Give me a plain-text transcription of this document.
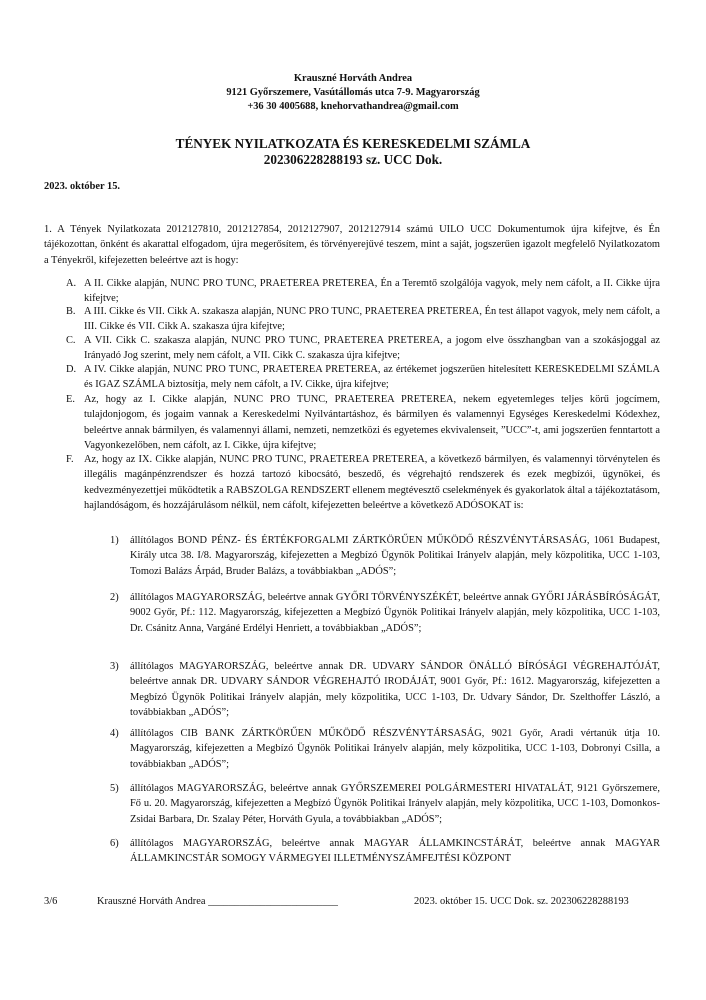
Krauszné Horváth Andrea
9121 Győrszemere, Vasútállomás utca 7-9. Magyarország
+36 30 4005688, knehorvathandrea@gmail.com
TÉNYEK NYILATKOZATA ÉS KERESKEDELMI SZÁMLA
202306228288193 sz. UCC Dok.
2023. október 15.

1. A Tények Nyilatkozata 2012127810, 2012127854, 2012127907, 2012127914 számú UILO UCC Dokumentumok újra kifejtve, és Én tájékozottan, önként és akarattal elfogadom, újra megerősítem, és törvényerejűvé teszem, mint a saját, jogszerűen igazolt megfelelő Nyilatkozatom a Tényekről, kifejezetten beleértve azt is hogy:

A. A II. Cikke alapján, NUNC PRO TUNC, PRAETEREA PRETEREA, Én a Teremtő szolgálója vagyok, mely nem cáfolt, a II. Cikke újra kifejtve;

B. A III. Cikke és VII. Cikk A. szakasza alapján, NUNC PRO TUNC, PRAETEREA PRETEREA, Én test állapot vagyok, mely nem cáfolt, a III. Cikke és VII. Cikk A. szakasza újra kifejtve;

C. A VII. Cikk C. szakasza alapján, NUNC PRO TUNC, PRAETEREA PRETEREA, a jogom elve összhangban van a szokásjoggal az Irányadó Jog szerint, mely nem cáfolt, a VII. Cikk C. szakasza újra kifejtve;

D. A IV. Cikke alapján, NUNC PRO TUNC, PRAETEREA PRETEREA, az értékemet jogszerűen hitelesített KERESKEDELMI SZÁMLA és IGAZ SZÁMLA biztosítja, mely nem cáfolt, a IV. Cikke, újra kifejtve;

E. Az, hogy az I. Cikke alapján, NUNC PRO TUNC, PRAETEREA PRETEREA, nekem egyetemleges teljes körű jogcímem, tulajdonjogom, és jogaim vannak a Kereskedelmi Nyilvántartáshoz, és bármilyen és valamennyi Egységes Kereskedelmi Kódexhez, beleértve annak bármilyen, és valamennyi állami, nemzeti, nemzetközi és egyetemes ekvivalenseit, ”UCC”-t, ami jogszerűen fenntartott a Vagyonkezelőben, nem cáfolt, az I. Cikke, újra kifejtve;

F. Az, hogy az IX. Cikke alapján, NUNC PRO TUNC, PRAETEREA PRETEREA, a következő bármilyen, és valamennyi törvénytelen és illegális magánpénzrendszer és hozzá tartozó kibocsátó, beszedő, és végrehajtó rendszerek és ezek megbízói, ügynökei, és kedvezményezettjei működtetik a RABSZOLGA RENDSZERT ellenem megtévesztő cselekmények és gyakorlatok által a tájékoztatásom, hajlandóságom, és hozzájárulásom nélkül, nem cáfolt, kifejezetten beleértve a következő ADÓSOKAT is:

1) állítólagos BOND PÉNZ- ÉS ÉRTÉKFORGALMI ZÁRTKÖRŰEN MŰKÖDŐ RÉSZVÉNYTÁRSASÁG, 1061 Budapest, Király utca 38. I/8. Magyarország, kifejezetten a Megbízó Ügynök Politikai Irányelv alapján, mely közpolitika, UCC 1-103, Tomozi Balázs Árpád, Bruder Balázs, a továbbiakban „ADÓS”;

2) állítólagos MAGYARORSZÁG, beleértve annak GYŐRI TÖRVÉNYSZÉKÉT, beleértve annak GYŐRI JÁRÁSBÍRÓSÁGÁT, 9002 Győr, Pf.: 112. Magyarország, kifejezetten a Megbízó Ügynök Politikai Irányelv alapján, mely közpolitika, UCC 1-103, Dr. Csánitz Anna, Vargáné Erdélyi Henriett, a továbbiakban „ADÓS”;

3) állítólagos MAGYARORSZÁG, beleértve annak DR. UDVARY SÁNDOR ÖNÁLLÓ BÍRÓSÁGI VÉGREHAJTÓJÁT, beleértve annak DR. UDVARY SÁNDOR VÉGREHAJTÓ IRODÁJÁT, 9001 Győr, Pf.: 1612. Magyarország, kifejezetten a Megbízó Ügynök Politikai Irányelv alapján, mely közpolitika, UCC 1-103, Dr. Udvary Sándor, Dr. Szelthoffer László, a továbbiakban „ADÓS”;

4) állítólagos CIB BANK ZÁRTKÖRŰEN MŰKÖDŐ RÉSZVÉNYTÁRSASÁG, 9021 Győr, Aradi vértanúk útja 10. Magyarország, kifejezetten a Megbízó Ügynök Politikai Irányelv alapján, mely közpolitika, UCC 1-103, Dobronyi Csilla, a továbbiakban „ADÓS”;

5) állítólagos MAGYARORSZÁG, beleértve annak GYŐRSZEMEREI POLGÁRMESTERI HIVATALÁT, 9121 Győrszemere, Fő u. 20. Magyarország, kifejezetten a Megbízó Ügynök Politikai Irányelv alapján, mely közpolitika, UCC 1-103, Domonkos-Zsidai Barbara, Dr. Szalay Péter, Horváth Gyula, a továbbiakban „ADÓS”;

6) állítólagos MAGYARORSZÁG, beleértve annak MAGYAR ÁLLAMKINCSTÁRÁT, beleértve annak MAGYAR ÁLLAMKINCSTÁR SOMOGY VÁRMEGYEI ILLETMÉNYSZÁMFEJTÉSI KÖZPONT

3/6	Krauszné Horváth Andrea _________________________	2023. október 15. UCC Dok. sz. 202306228288193
